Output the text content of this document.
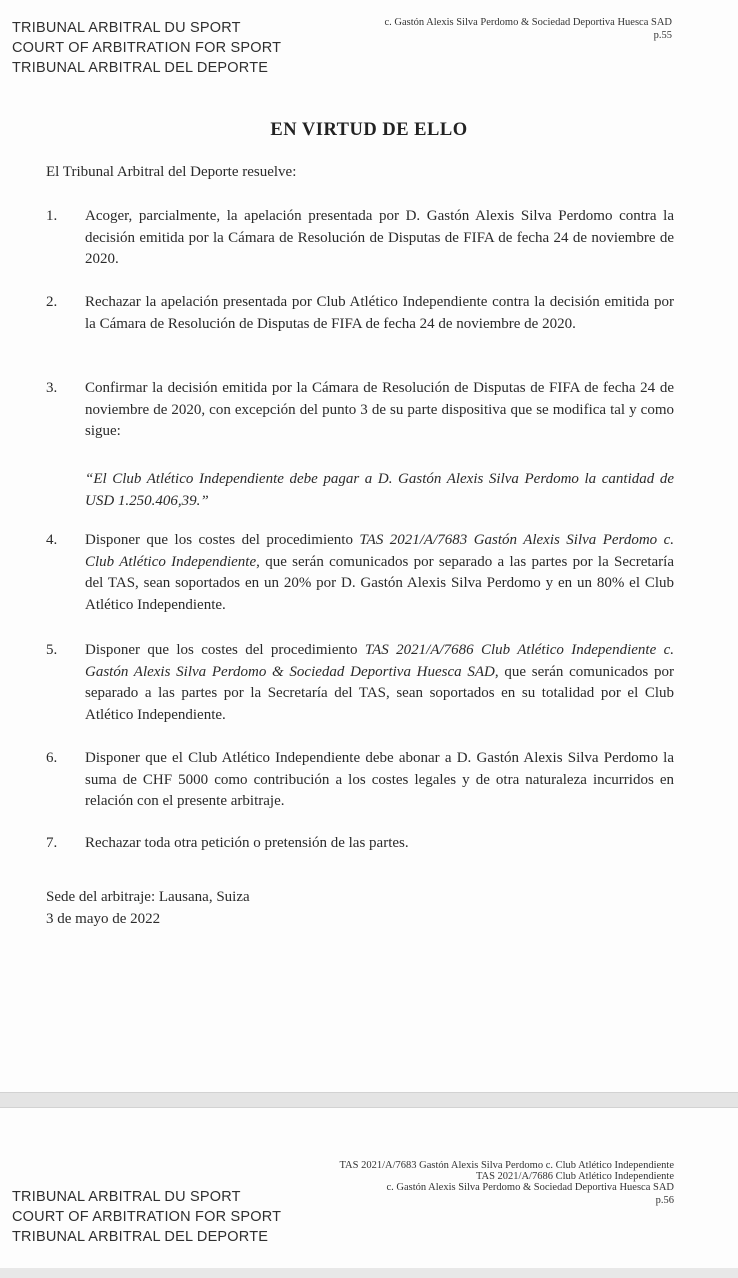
TRIBUNAL ARBITRAL DU SPORT
COURT OF ARBITRATION FOR SPORT
TRIBUNAL ARBITRAL DEL DEPORTE
c. Gastón Alexis Silva Perdomo & Sociedad Deportiva Huesca SAD
p.55
EN VIRTUD DE ELLO
El Tribunal Arbitral del Deporte resuelve:
1. Acoger, parcialmente, la apelación presentada por D. Gastón Alexis Silva Perdomo contra la decisión emitida por la Cámara de Resolución de Disputas de FIFA de fecha 24 de noviembre de 2020.
2. Rechazar la apelación presentada por Club Atlético Independiente contra la decisión emitida por la Cámara de Resolución de Disputas de FIFA de fecha 24 de noviembre de 2020.
3. Confirmar la decisión emitida por la Cámara de Resolución de Disputas de FIFA de fecha 24 de noviembre de 2020, con excepción del punto 3 de su parte dispositiva que se modifica tal y como sigue:
“El Club Atlético Independiente debe pagar a D. Gastón Alexis Silva Perdomo la cantidad de USD 1.250.406,39.”
4. Disponer que los costes del procedimiento TAS 2021/A/7683 Gastón Alexis Silva Perdomo c. Club Atlético Independiente, que serán comunicados por separado a las partes por la Secretaría del TAS, sean soportados en un 20% por D. Gastón Alexis Silva Perdomo y en un 80% el Club Atlético Independiente.
5. Disponer que los costes del procedimiento TAS 2021/A/7686 Club Atlético Independiente c. Gastón Alexis Silva Perdomo & Sociedad Deportiva Huesca SAD, que serán comunicados por separado a las partes por la Secretaría del TAS, sean soportados en su totalidad por el Club Atlético Independiente.
6. Disponer que el Club Atlético Independiente debe abonar a D. Gastón Alexis Silva Perdomo la suma de CHF 5000 como contribución a los costes legales y de otra naturaleza incurridos en relación con el presente arbitraje.
7. Rechazar toda otra petición o pretensión de las partes.
Sede del arbitraje: Lausana, Suiza
3 de mayo de 2022
TAS 2021/A/7683 Gastón Alexis Silva Perdomo c. Club Atlético Independiente
TAS 2021/A/7686 Club Atlético Independiente
c. Gastón Alexis Silva Perdomo & Sociedad Deportiva Huesca SAD
p.56
TRIBUNAL ARBITRAL DU SPORT
COURT OF ARBITRATION FOR SPORT
TRIBUNAL ARBITRAL DEL DEPORTE
